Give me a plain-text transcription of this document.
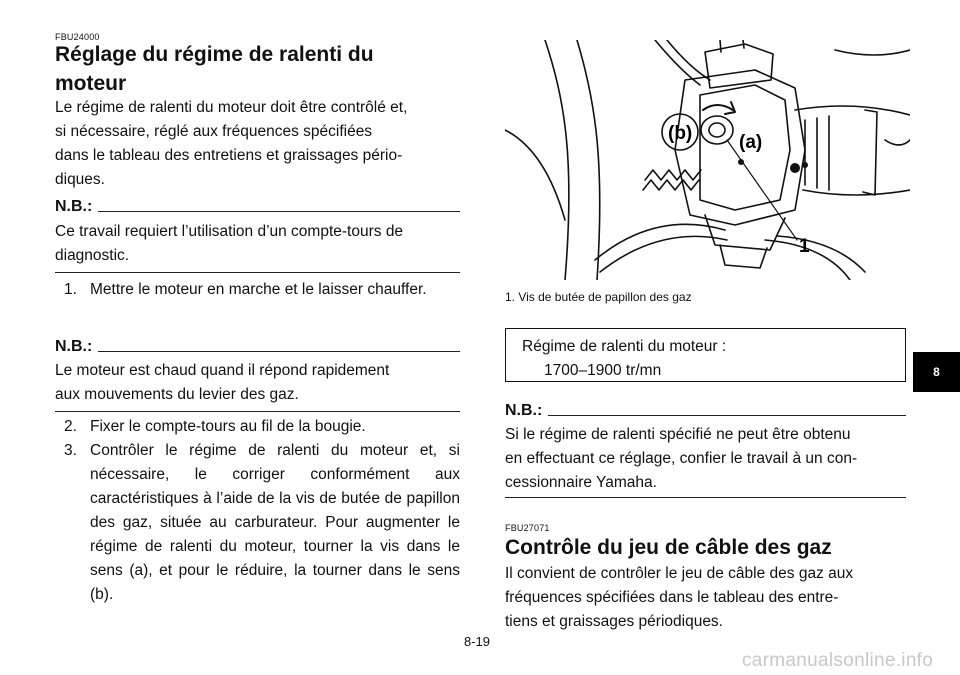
FBU24000
Réglage du régime de ralenti du
moteur
Le régime de ralenti du moteur doit être contrôlé et,
si nécessaire, réglé aux fréquences spécifiées
dans le tableau des entretiens et graissages pério-
diques.
N.B.:
Ce travail requiert l’utilisation d’un compte-tours de
diagnostic.
1. Mettre le moteur en marche et le laisser chauffer.
N.B.:
Le moteur est chaud quand il répond rapidement
aux mouvements du levier des gaz.
2. Fixer le compte-tours au fil de la bougie.
3. Contrôler le régime de ralenti du moteur et, si nécessaire, le corriger conformément aux caractéristiques à l’aide de la vis de butée de papillon des gaz, située au carburateur. Pour augmenter le régime de ralenti du moteur, tourner la vis dans le sens (a), et pour le réduire, la tourner dans le sens (b).
(b) (a)
1
1. Vis de butée de papillon des gaz
Régime de ralenti du moteur :
1700–1900 tr/mn
N.B.:
Si le régime de ralenti spécifié ne peut être obtenu
en effectuant ce réglage, confier le travail à un con-
cessionnaire Yamaha.
FBU27071
Contrôle du jeu de câble des gaz
Il convient de contrôler le jeu de câble des gaz aux
fréquences spécifiées dans le tableau des entre-
tiens et graissages périodiques.
8
8-19
carmanualsonline.info
